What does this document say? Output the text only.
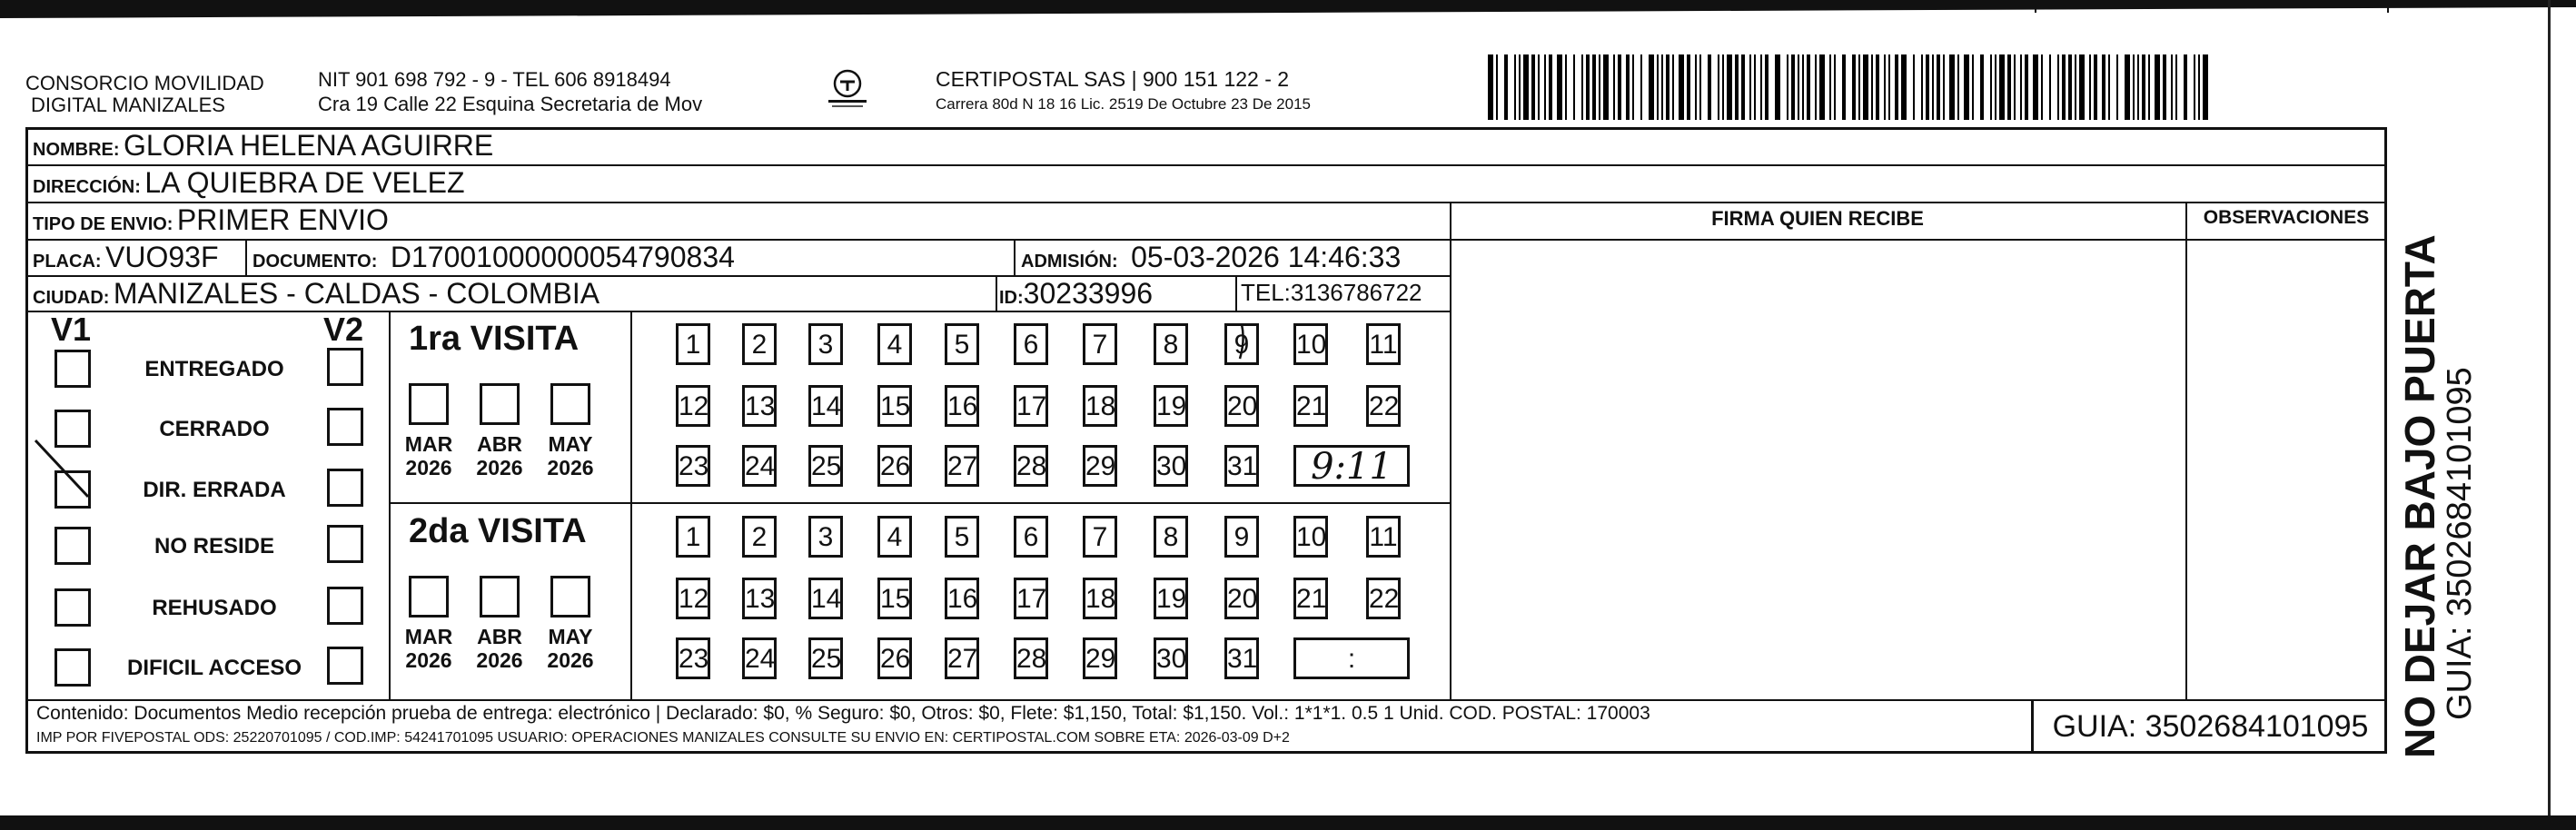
CONSORCIO MOVILIDAD
DIGITAL MANIZALES
NIT 901 698 792 - 9 - TEL 606 8918494
Cra 19 Calle 22 Esquina Secretaria de Mov
CERTIPOSTAL SAS | 900 151 122 - 2
Carrera 80d N 18 16 Lic. 2519 De Octubre 23 De 2015
NOMBRE: GLORIA HELENA AGUIRRE
DIRECCIÓN: LA QUIEBRA DE VELEZ
TIPO DE ENVIO: PRIMER ENVIO	FIRMA QUIEN RECIBE	OBSERVACIONES
PLACA: VUO93F DOCUMENTO: D17001000000054790834	ADMISIÓN: 05-03-2026 14:46:33
CIUDAD: MANIZALES - CALDAS - COLOMBIA	ID:30233996	TEL:3136786722
V1	V2
ENTREGADO
CERRADO
DIR. ERRADA
NO RESIDE
REHUSADO
DIFICIL ACCESO
1ra VISITA
MAR
2026
ABR
2026
MAY
2026
1	2	3	4	5	6	7	8	9	10 11
12 13 14 15 16 17 18 19 20 21 22
23 24 25 26 27 28 29 30 31	9:11
2da VISITA
MAR
2026
ABR
2026
MAY
2026
1	2	3	4	5	6	7	8	9	10 11
12 13 14 15 16 17 18 19 20 21 22
23 24 25 26 27 28 29 30 31	:
Contenido: Documentos Medio recepción prueba de entrega: electrónico | Declarado: $0, % Seguro: $0, Otros: $0, Flete: $1,150, Total: $1,150. Vol.: 1*1*1. 0.5 1 Unid. COD. POSTAL: 170003
IMP POR FIVEPOSTAL ODS: 25220701095 / COD.IMP: 54241701095 USUARIO: OPERACIONES MANIZALES CONSULTE SU ENVIO EN: CERTIPOSTAL.COM SOBRE ETA: 2026-03-09 D+2	GUIA: 3502684101095 NO DEJAR BAJO PUERTA
GUIA: 3502684101095
